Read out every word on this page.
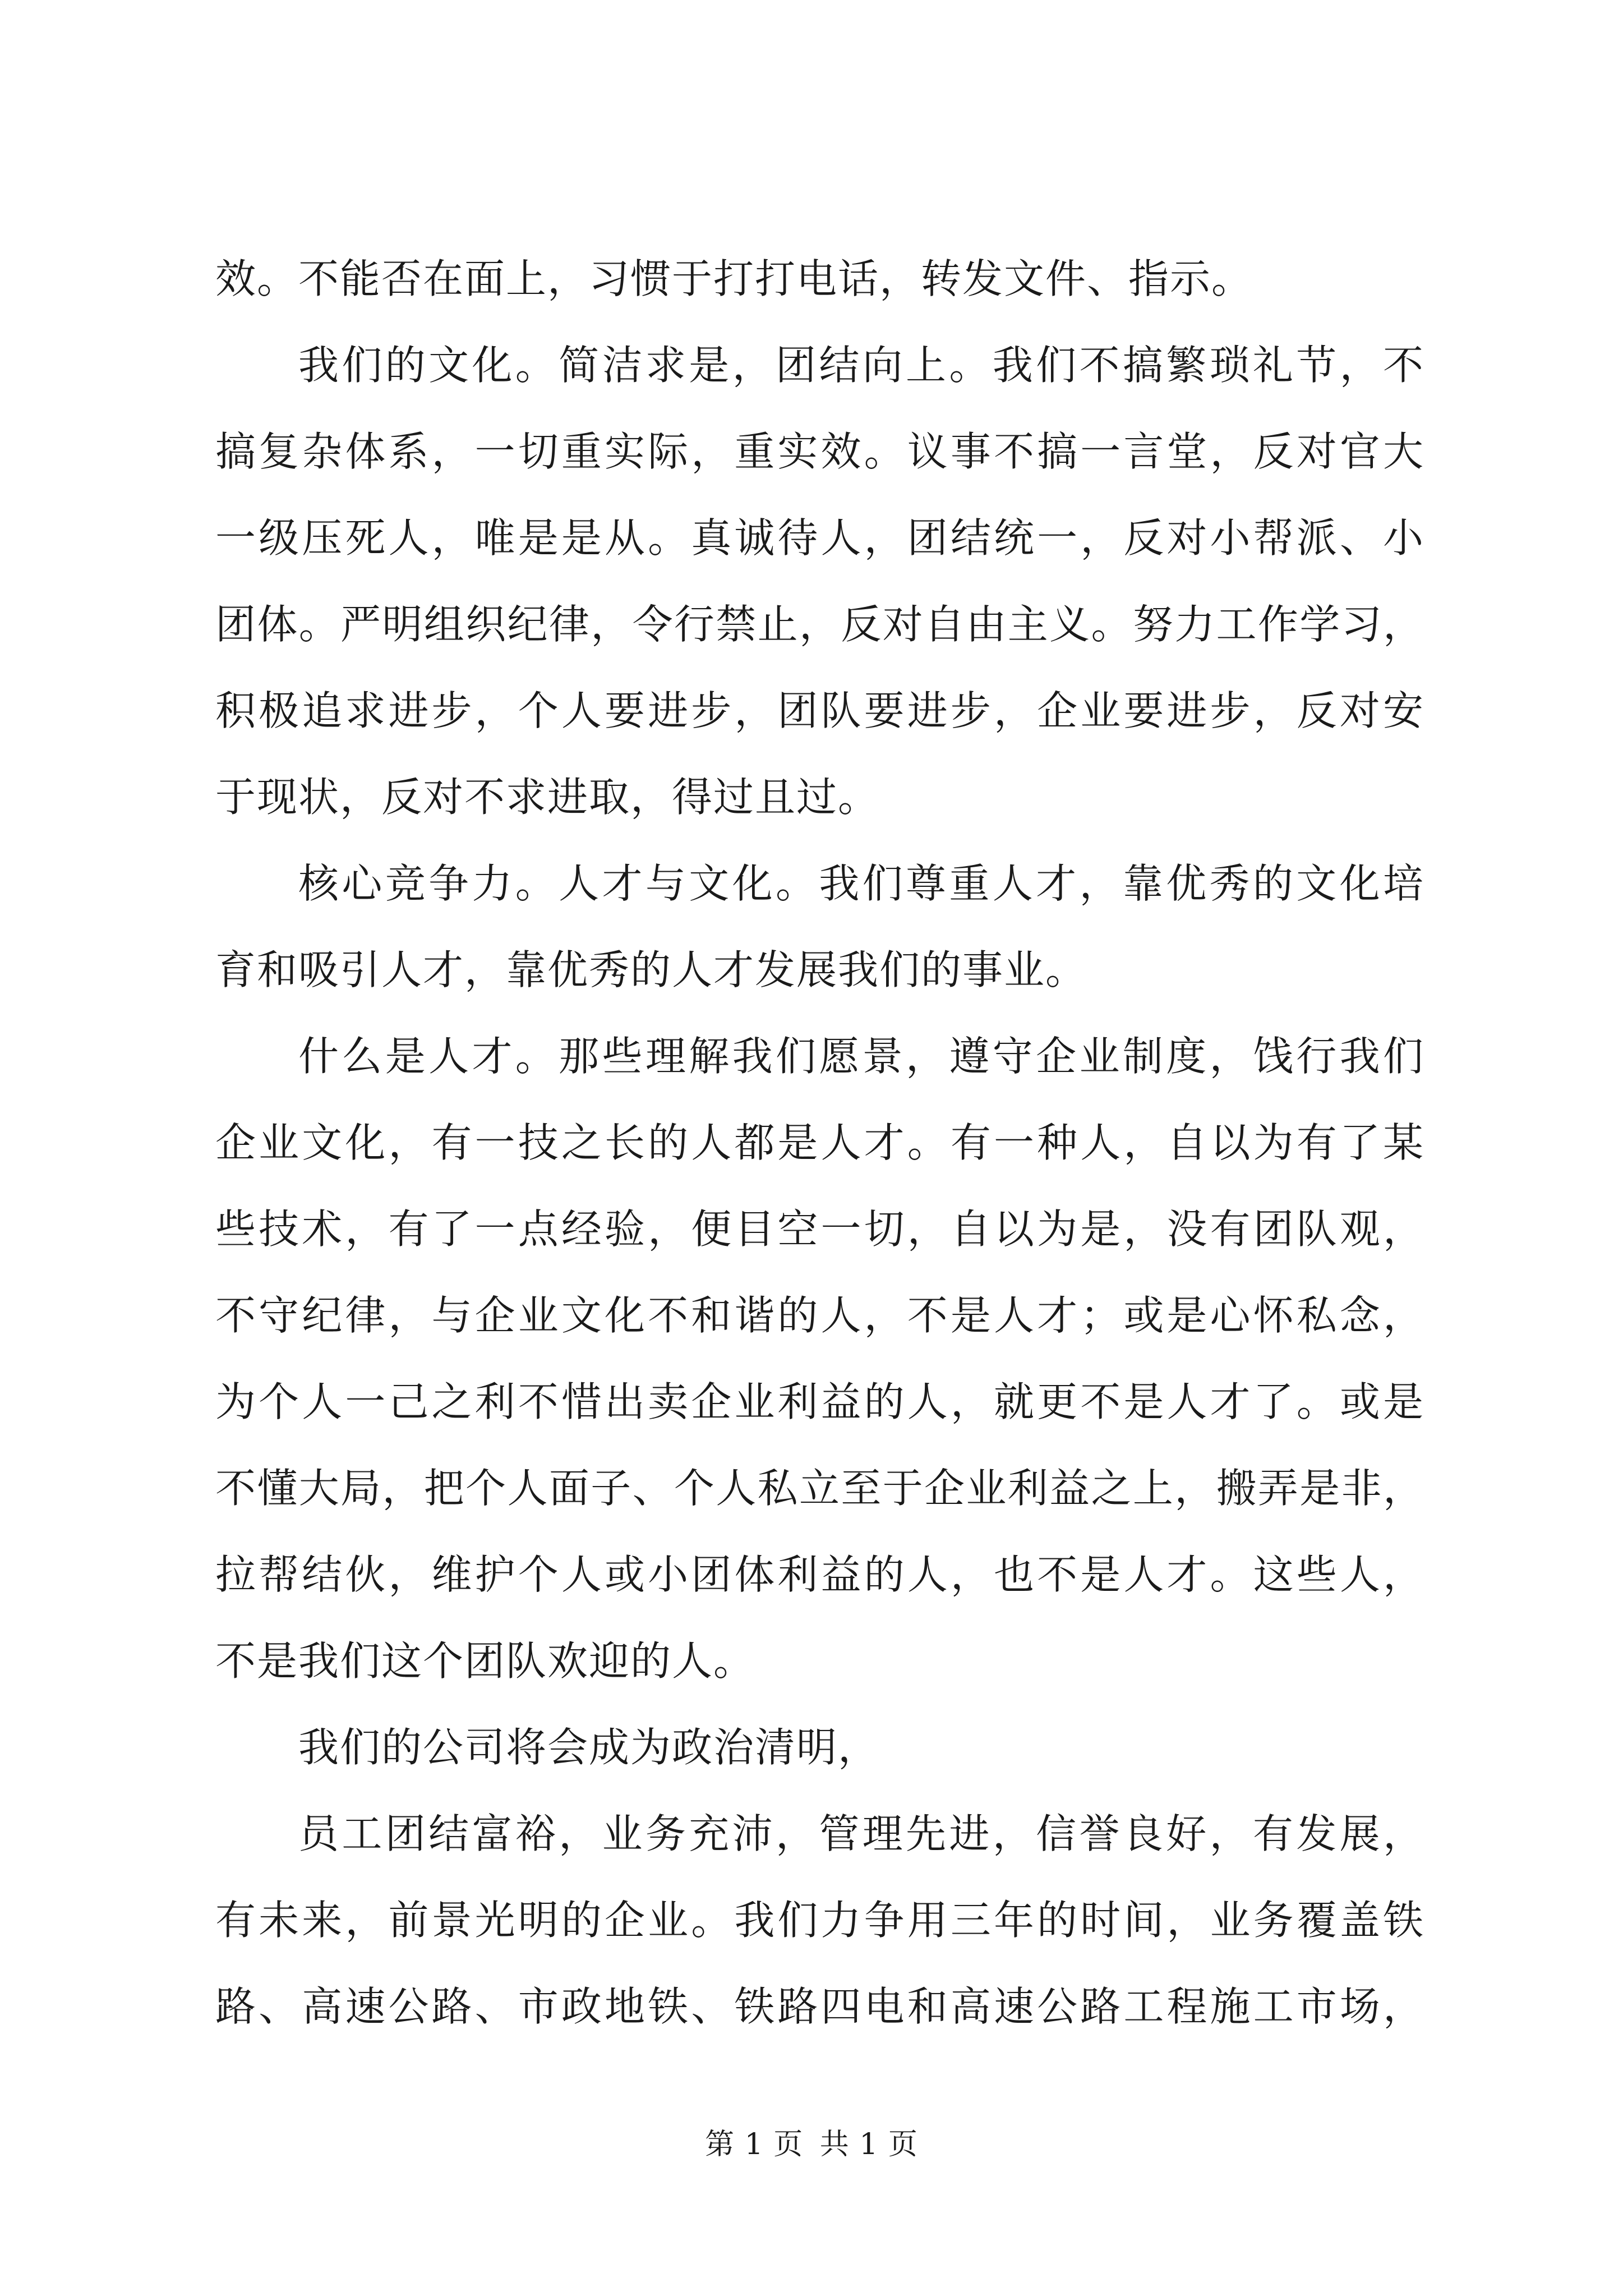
效。不能否在面上，习惯于打打电话，转发文件、指示。
我们的文化。简洁求是，团结向上。我们不搞繁琐礼节，不
搞复杂体系，一切重实际，重实效。议事不搞一言堂，反对官大
一级压死人，唯是是从。真诚待人，团结统一，反对小帮派、小
团体。严明组织纪律，令行禁止，反对自由主义。努力工作学习，
积极追求进步，个人要进步，团队要进步，企业要进步，反对安
于现状，反对不求进取，得过且过。
核心竞争力。人才与文化。我们尊重人才，靠优秀的文化培
育和吸引人才，靠优秀的人才发展我们的事业。
什么是人才。那些理解我们愿景，遵守企业制度，饯行我们
企业文化，有一技之长的人都是人才。有一种人，自以为有了某
些技术，有了一点经验，便目空一切，自以为是，没有团队观，
不守纪律，与企业文化不和谐的人，不是人才；或是心怀私念，
为个人一己之利不惜出卖企业利益的人，就更不是人才了。或是
不懂大局，把个人面子、个人私立至于企业利益之上，搬弄是非，
拉帮结伙，维护个人或小团体利益的人，也不是人才。这些人，
不是我们这个团队欢迎的人。
我们的公司将会成为政治清明，
员工团结富裕，业务充沛，管理先进，信誉良好，有发展，
有未来，前景光明的企业。我们力争用三年的时间，业务覆盖铁
路、高速公路、市政地铁、铁路四电和高速公路工程施工市场，
第 1 页 共 1 页
